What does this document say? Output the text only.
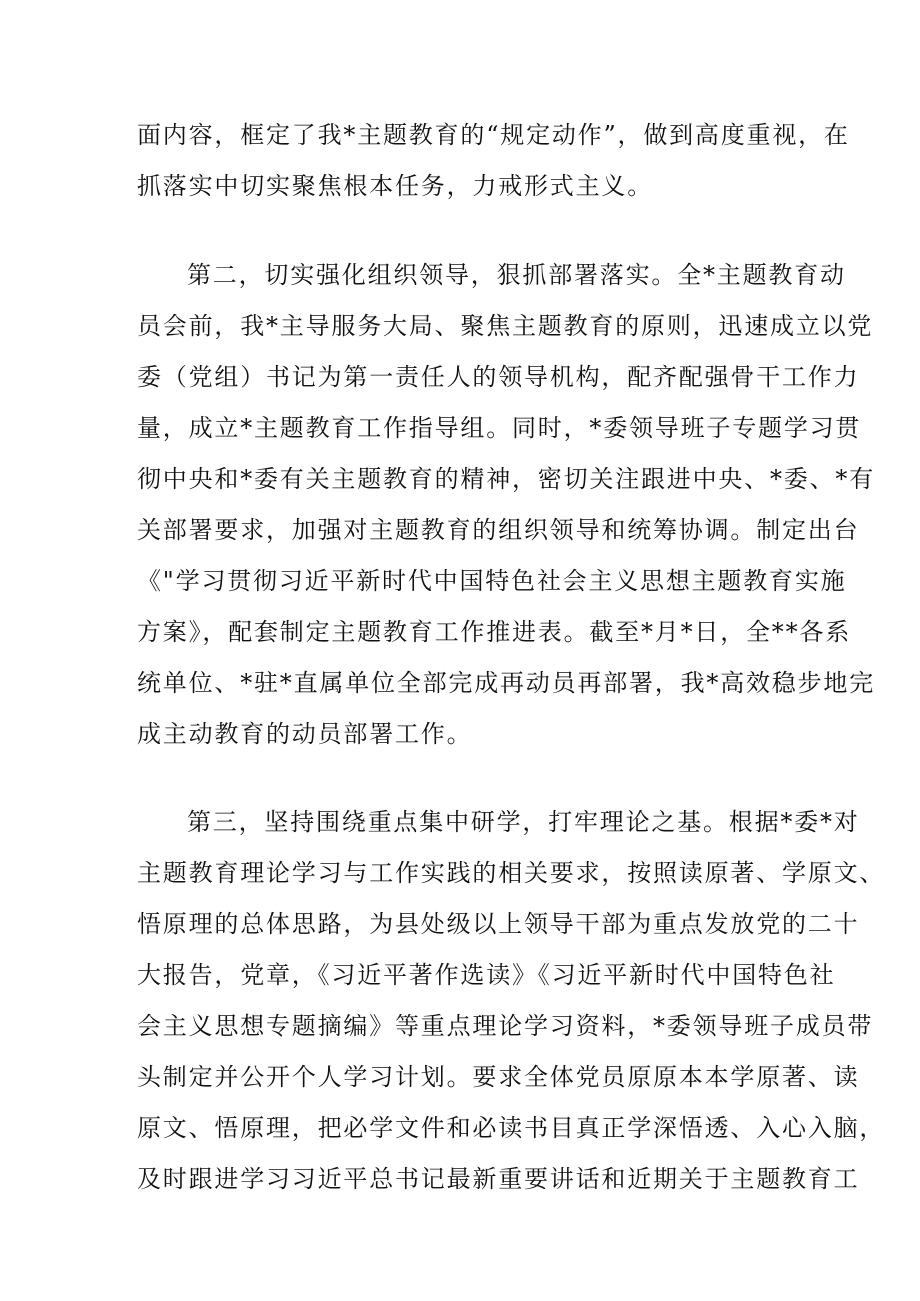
面内容，框定了我*主题教育的“规定动作”，做到高度重视，在
抓落实中切实聚焦根本任务，力戒形式主义。
第二，切实强化组织领导，狠抓部署落实。全*主题教育动
员会前，我*主导服务大局、聚焦主题教育的原则，迅速成立以党
委（党组）书记为第一责任人的领导机构，配齐配强骨干工作力
量，成立*主题教育工作指导组。同时，*委领导班子专题学习贯
彻中央和*委有关主题教育的精神，密切关注跟进中央、*委、*有
关部署要求，加强对主题教育的组织领导和统筹协调。制定出台
《"学习贯彻习近平新时代中国特色社会主义思想主题教育实施
方案》，配套制定主题教育工作推进表。截至*月*日，全**各系
统单位、*驻*直属单位全部完成再动员再部署，我*高效稳步地完
成主动教育的动员部署工作。
第三，坚持围绕重点集中研学，打牢理论之基。根据*委*对
主题教育理论学习与工作实践的相关要求，按照读原著、学原文、
悟原理的总体思路，为县处级以上领导干部为重点发放党的二十
大报告，党章，《习近平著作选读》《习近平新时代中国特色社
会主义思想专题摘编》等重点理论学习资料，*委领导班子成员带
头制定并公开个人学习计划。要求全体党员原原本本学原著、读
原文、悟原理，把必学文件和必读书目真正学深悟透、入心入脑，
及时跟进学习习近平总书记最新重要讲话和近期关于主题教育工
